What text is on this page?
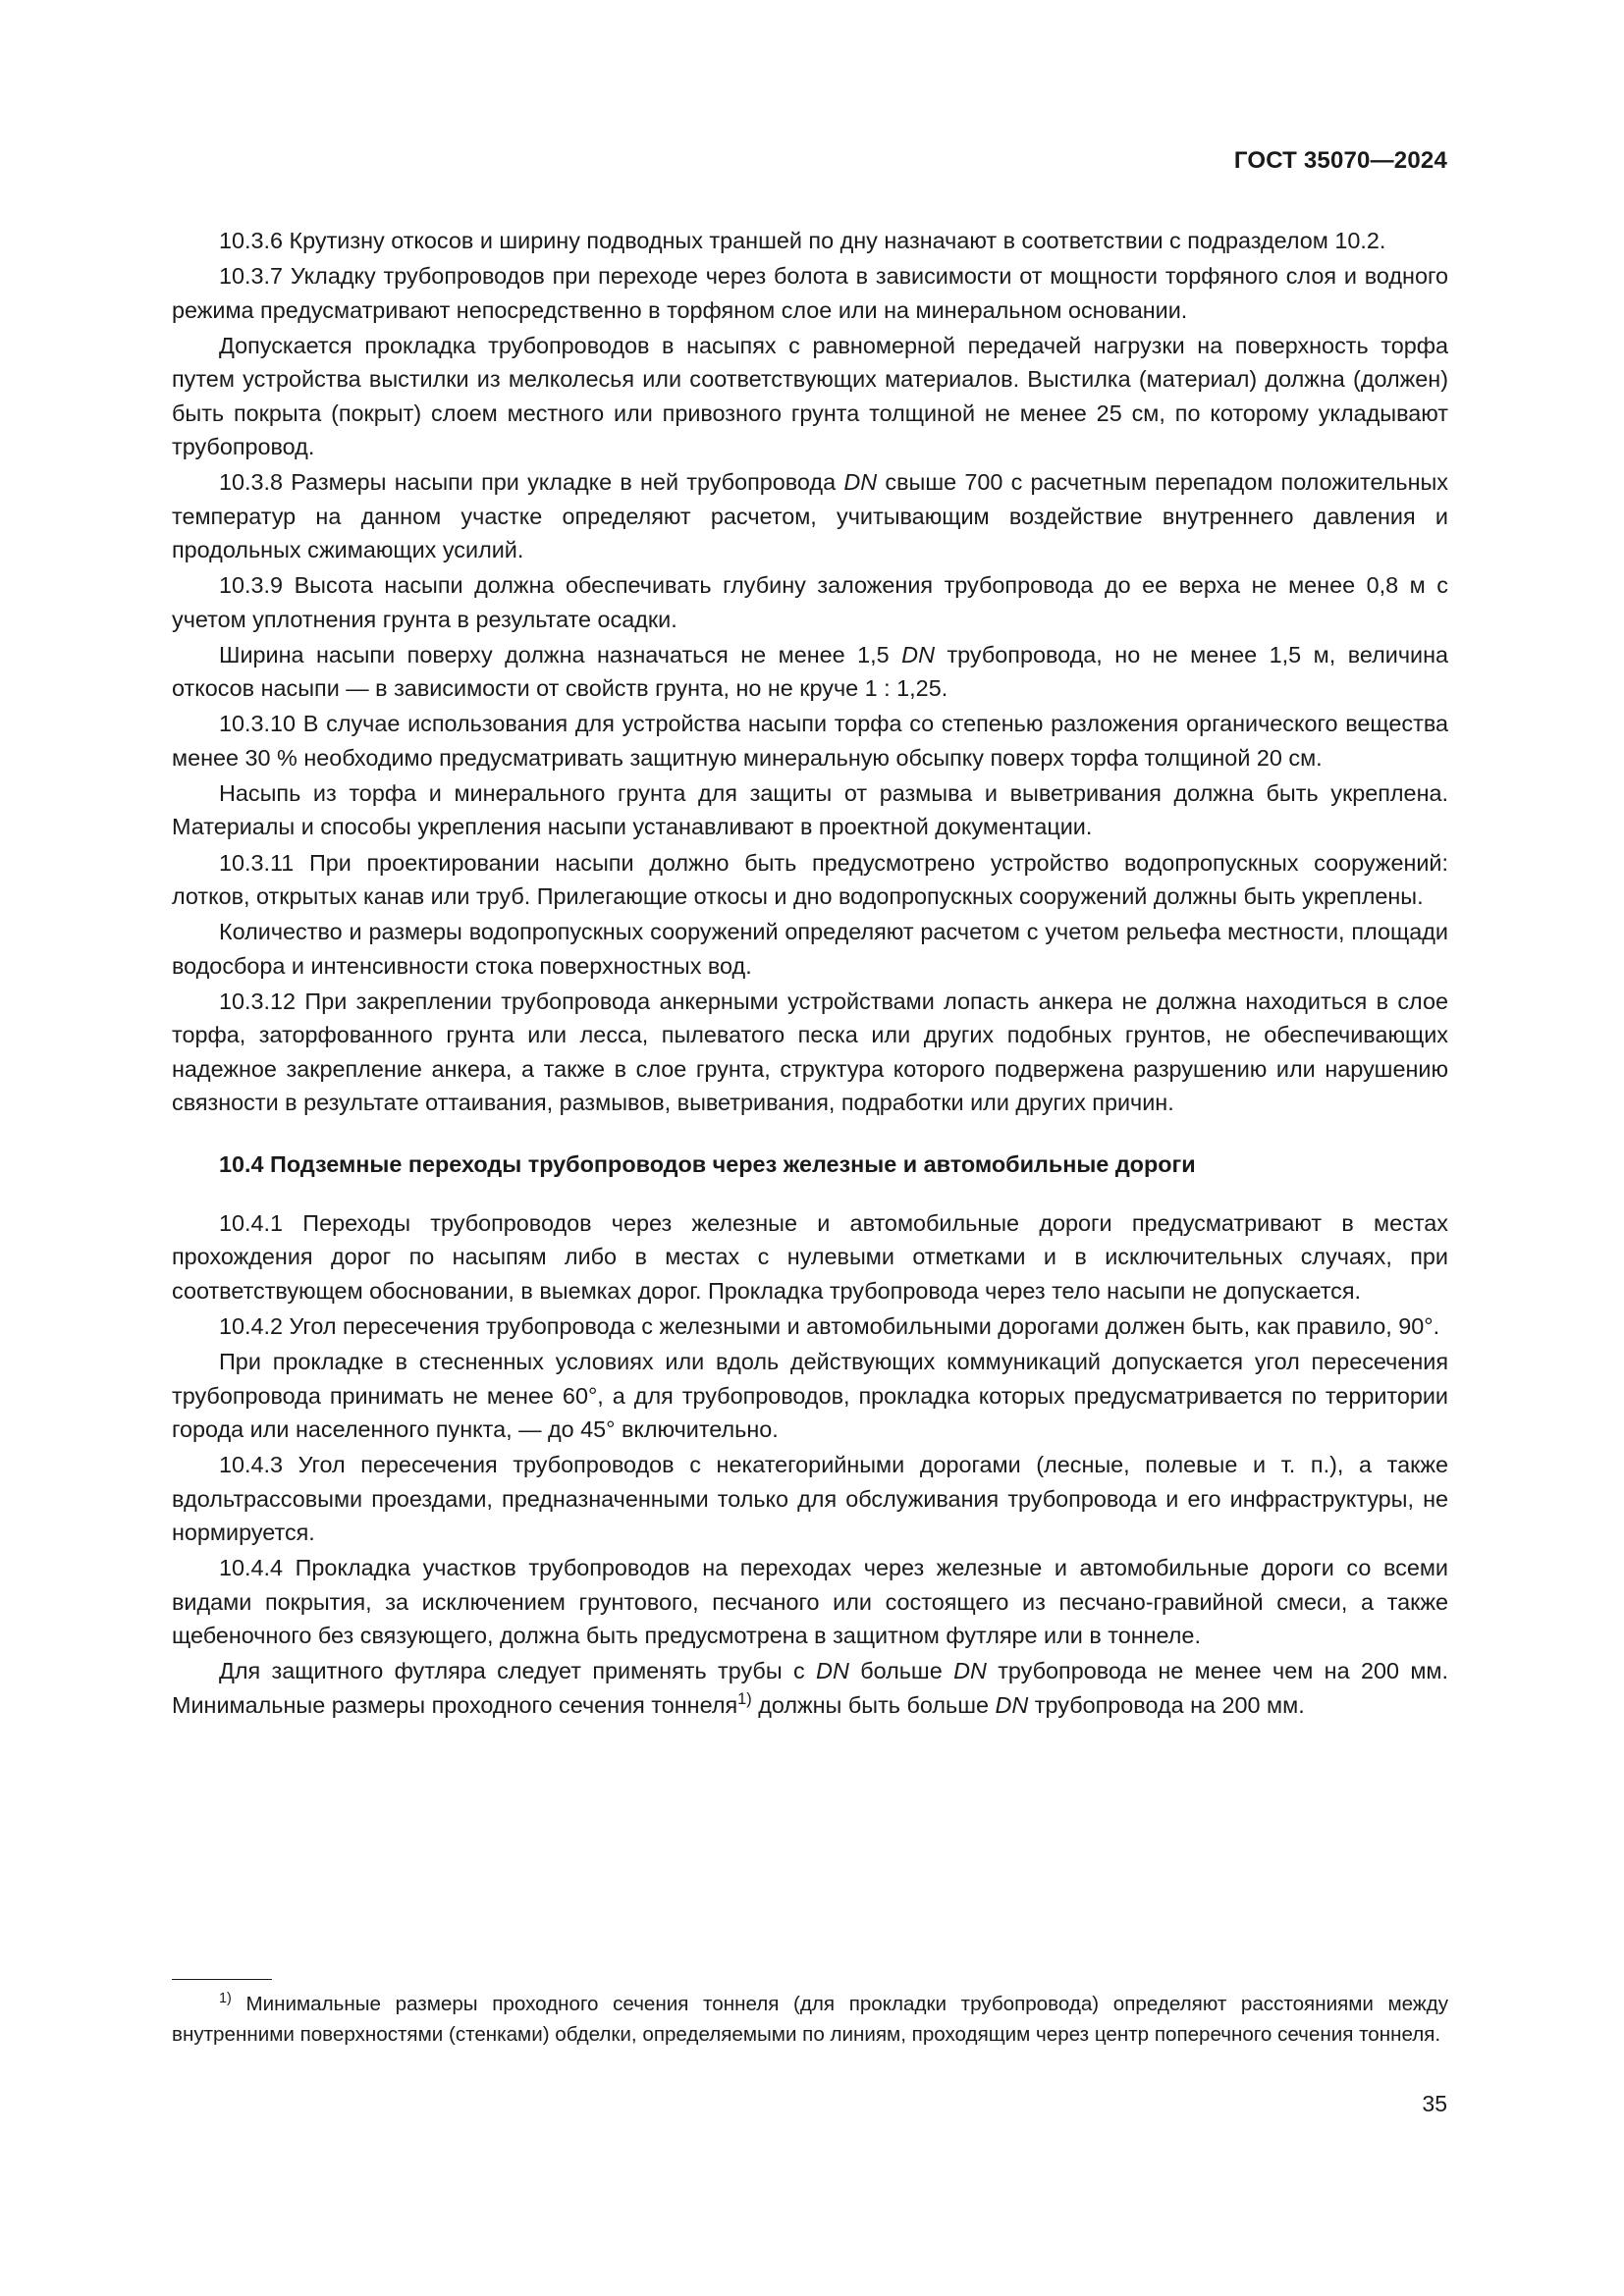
ГОСТ 35070—2024

10.3.6 Крутизну откосов и ширину подводных траншей по дну назначают в соответствии с подразделом 10.2.

10.3.7 Укладку трубопроводов при переходе через болота в зависимости от мощности торфяного слоя и водного режима предусматривают непосредственно в торфяном слое или на минеральном основании.

Допускается прокладка трубопроводов в насыпях с равномерной передачей нагрузки на поверхность торфа путем устройства выстилки из мелколесья или соответствующих материалов. Выстилка (материал) должна (должен) быть покрыта (покрыт) слоем местного или привозного грунта толщиной не менее 25 см, по которому укладывают трубопровод.

10.3.8 Размеры насыпи при укладке в ней трубопровода DN свыше 700 с расчетным перепадом положительных температур на данном участке определяют расчетом, учитывающим воздействие внутреннего давления и продольных сжимающих усилий.

10.3.9 Высота насыпи должна обеспечивать глубину заложения трубопровода до ее верха не менее 0,8 м с учетом уплотнения грунта в результате осадки.

Ширина насыпи поверху должна назначаться не менее 1,5 DN трубопровода, но не менее 1,5 м, величина откосов насыпи — в зависимости от свойств грунта, но не круче 1 : 1,25.

10.3.10 В случае использования для устройства насыпи торфа со степенью разложения органического вещества менее 30 % необходимо предусматривать защитную минеральную обсыпку поверх торфа толщиной 20 см.

Насыпь из торфа и минерального грунта для защиты от размыва и выветривания должна быть укреплена. Материалы и способы укрепления насыпи устанавливают в проектной документации.

10.3.11 При проектировании насыпи должно быть предусмотрено устройство водопропускных сооружений: лотков, открытых канав или труб. Прилегающие откосы и дно водопропускных сооружений должны быть укреплены.

Количество и размеры водопропускных сооружений определяют расчетом с учетом рельефа местности, площади водосбора и интенсивности стока поверхностных вод.

10.3.12 При закреплении трубопровода анкерными устройствами лопасть анкера не должна находиться в слое торфа, заторфованного грунта или лесса, пылеватого песка или других подобных грунтов, не обеспечивающих надежное закрепление анкера, а также в слое грунта, структура которого подвержена разрушению или нарушению связности в результате оттаивания, размывов, выветривания, подработки или других причин.

10.4 Подземные переходы трубопроводов через железные и автомобильные дороги

10.4.1 Переходы трубопроводов через железные и автомобильные дороги предусматривают в местах прохождения дорог по насыпям либо в местах с нулевыми отметками и в исключительных случаях, при соответствующем обосновании, в выемках дорог. Прокладка трубопровода через тело насыпи не допускается.

10.4.2 Угол пересечения трубопровода с железными и автомобильными дорогами должен быть, как правило, 90°.

При прокладке в стесненных условиях или вдоль действующих коммуникаций допускается угол пересечения трубопровода принимать не менее 60°, а для трубопроводов, прокладка которых предусматривается по территории города или населенного пункта, — до 45° включительно.

10.4.3 Угол пересечения трубопроводов с некатегорийными дорогами (лесные, полевые и т. п.), а также вдольтрассовыми проездами, предназначенными только для обслуживания трубопровода и его инфраструктуры, не нормируется.

10.4.4 Прокладка участков трубопроводов на переходах через железные и автомобильные дороги со всеми видами покрытия, за исключением грунтового, песчаного или состоящего из песчано-гравийной смеси, а также щебеночного без связующего, должна быть предусмотрена в защитном футляре или в тоннеле.

Для защитного футляра следует применять трубы с DN больше DN трубопровода не менее чем на 200 мм. Минимальные размеры проходного сечения тоннеля$^{1)}$ должны быть больше DN трубопровода на 200 мм.

$^{1)}$ Минимальные размеры проходного сечения тоннеля (для прокладки трубопровода) определяют расстояниями между внутренними поверхностями (стенками) обделки, определяемыми по линиям, проходящим через центр поперечного сечения тоннеля.
35
